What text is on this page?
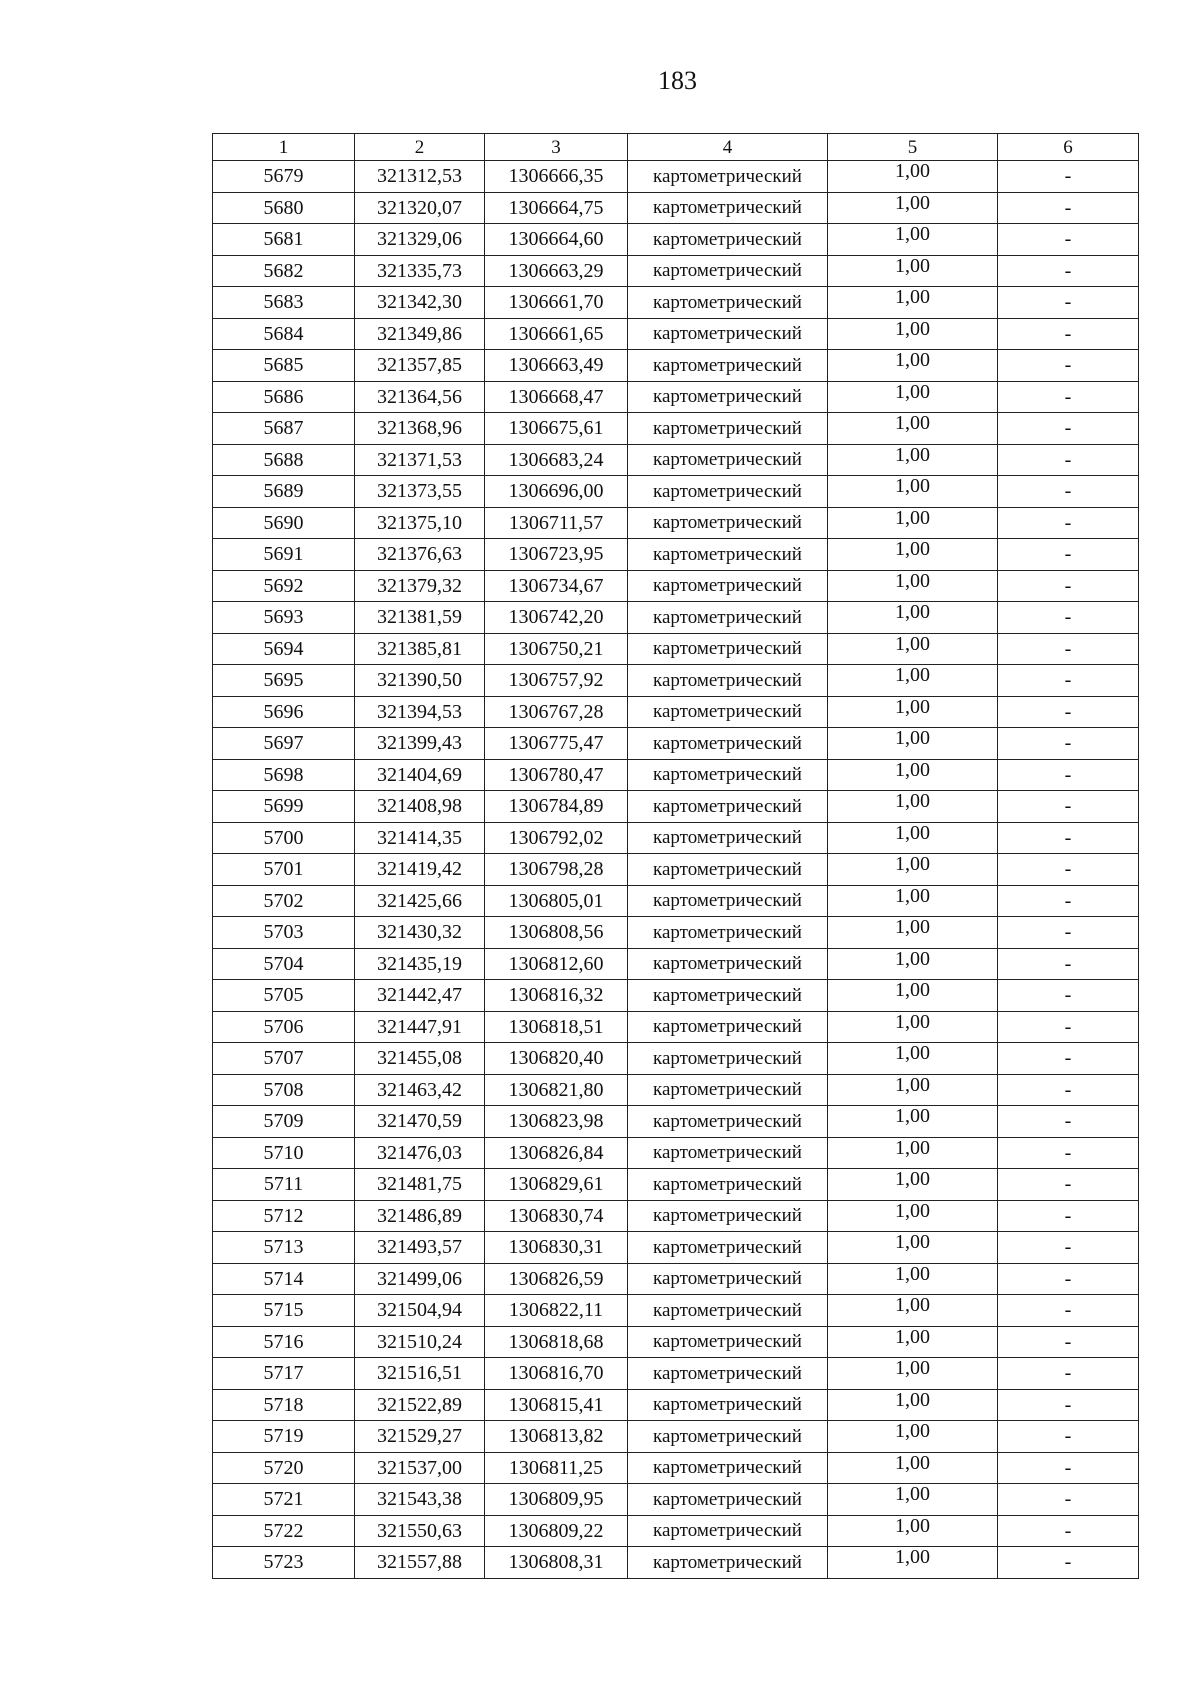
183
1	2	3	4	5	6
5679	321312,53	1306666,35	картометрический	1,00	-
5680	321320,07	1306664,75	картометрический	1,00	-
5681	321329,06	1306664,60	картометрический	1,00	-
5682	321335,73	1306663,29	картометрический	1,00	-
5683	321342,30	1306661,70	картометрический	1,00	-
5684	321349,86	1306661,65	картометрический	1,00	-
5685	321357,85	1306663,49	картометрический	1,00	-
5686	321364,56	1306668,47	картометрический	1,00	-
5687	321368,96	1306675,61	картометрический	1,00	-
5688	321371,53	1306683,24	картометрический	1,00	-
5689	321373,55	1306696,00	картометрический	1,00	-
5690	321375,10	1306711,57	картометрический	1,00	-
5691	321376,63	1306723,95	картометрический	1,00	-
5692	321379,32	1306734,67	картометрический	1,00	-
5693	321381,59	1306742,20	картометрический	1,00	-
5694	321385,81	1306750,21	картометрический	1,00	-
5695	321390,50	1306757,92	картометрический	1,00	-
5696	321394,53	1306767,28	картометрический	1,00	-
5697	321399,43	1306775,47	картометрический	1,00	-
5698	321404,69	1306780,47	картометрический	1,00	-
5699	321408,98	1306784,89	картометрический	1,00	-
5700	321414,35	1306792,02	картометрический	1,00	-
5701	321419,42	1306798,28	картометрический	1,00	-
5702	321425,66	1306805,01	картометрический	1,00	-
5703	321430,32	1306808,56	картометрический	1,00	-
5704	321435,19	1306812,60	картометрический	1,00	-
5705	321442,47	1306816,32	картометрический	1,00	-
5706	321447,91	1306818,51	картометрический	1,00	-
5707	321455,08	1306820,40	картометрический	1,00	-
5708	321463,42	1306821,80	картометрический	1,00	-
5709	321470,59	1306823,98	картометрический	1,00	-
5710	321476,03	1306826,84	картометрический	1,00	-
5711	321481,75	1306829,61	картометрический	1,00	-
5712	321486,89	1306830,74	картометрический	1,00	-
5713	321493,57	1306830,31	картометрический	1,00	-
5714	321499,06	1306826,59	картометрический	1,00	-
5715	321504,94	1306822,11	картометрический	1,00	-
5716	321510,24	1306818,68	картометрический	1,00	-
5717	321516,51	1306816,70	картометрический	1,00	-
5718	321522,89	1306815,41	картометрический	1,00	-
5719	321529,27	1306813,82	картометрический	1,00	-
5720	321537,00	1306811,25	картометрический	1,00	-
5721	321543,38	1306809,95	картометрический	1,00	-
5722	321550,63	1306809,22	картометрический	1,00	-
5723	321557,88	1306808,31	картометрический	1,00	-
